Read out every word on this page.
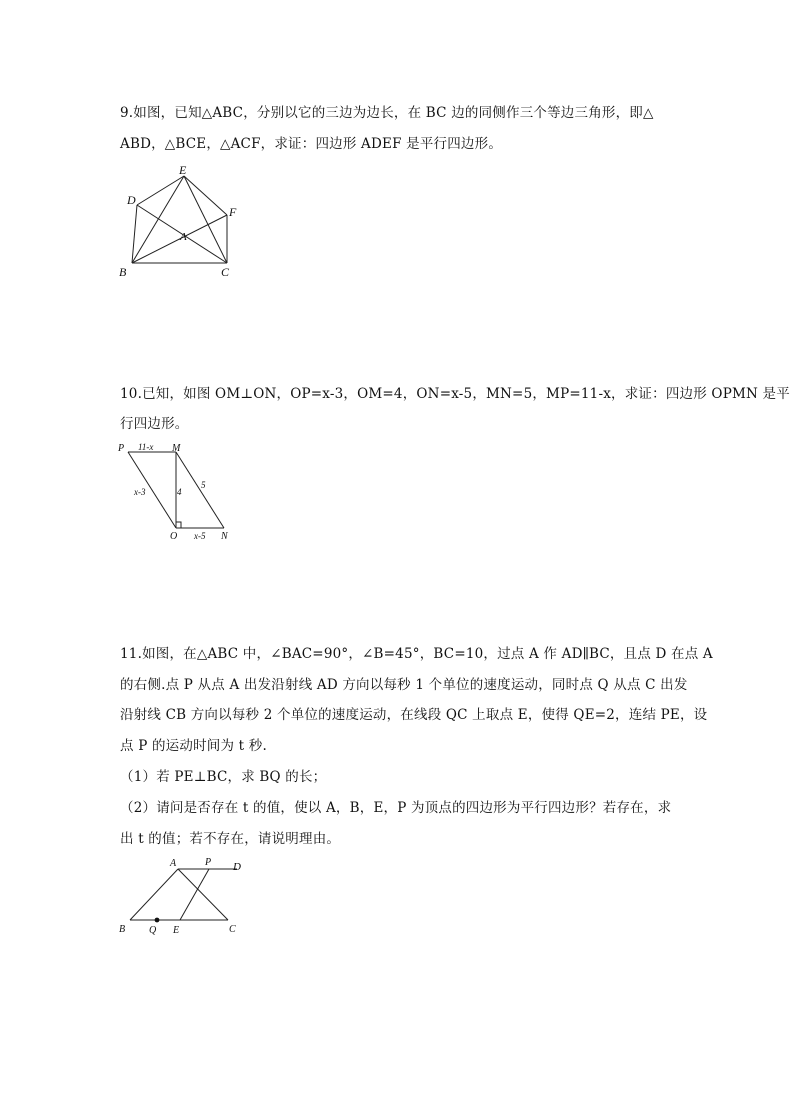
9.如图，已知△ABC，分别以它的三边为边长，在 BC 边的同侧作三个等边三角形，即△
ABD，△BCE，△ACF，求证：四边形 ADEF 是平行四边形。
E
D
F
A
B	C
10.已知，如图 OM⊥ON，OP=x-3，OM=4，ON=x-5，MN=5，MP=11-x，求证：四边形 OPMN 是平
行四边形。
P	M
O	N
11-x
x-3	4
5
x-5
11.如图，在△ABC 中，∠BAC=90°，∠B=45°，BC=10，过点 A 作 AD∥BC，且点 D 在点 A
的右侧.点 P 从点 A 出发沿射线 AD 方向以每秒 1 个单位的速度运动，同时点 Q 从点 C 出发
沿射线 CB 方向以每秒 2 个单位的速度运动，在线段 QC 上取点 E，使得 QE=2，连结 PE，设
点 P 的运动时间为 t 秒.
（1）若 PE⊥BC，求 BQ 的长；
（2）请问是否存在 t 的值，使以 A，B，E，P 为顶点的四边形为平行四边形？若存在，求
出 t 的值；若不存在，请说明理由。
A	P D
B Q E	C
